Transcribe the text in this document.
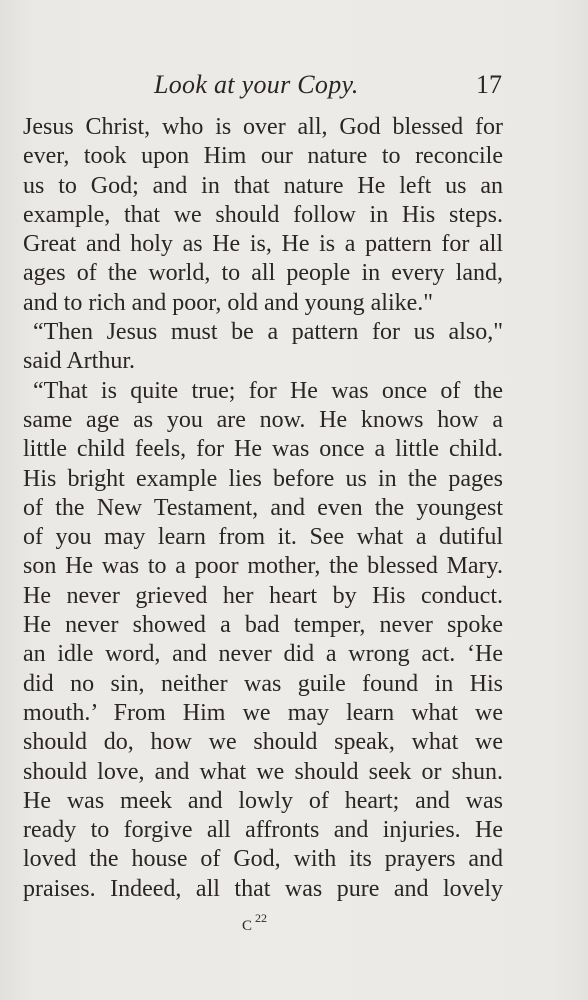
Look at your Copy.	17
Jesus Christ, who is over all, God blessed for
ever, took upon Him our nature to reconcile
us to God; and in that nature He left us an
example, that we should follow in His steps.
Great and holy as He is, He is a pattern for all
ages of the world, to all people in every land,
and to rich and poor, old and young alike."
“Then Jesus must be a pattern for us also,"
said Arthur.
“That is quite true; for He was once of the
same age as you are now. He knows how a
little child feels, for He was once a little child.
His bright example lies before us in the pages
of the New Testament, and even the youngest
of you may learn from it. See what a dutiful
son He was to a poor mother, the blessed Mary.
He never grieved her heart by His conduct.
He never showed a bad temper, never spoke
an idle word, and never did a wrong act. ‘He
did no sin, neither was guile found in His
mouth.’ From Him we may learn what we
should do, how we should speak, what we
should love, and what we should seek or shun.
He was meek and lowly of heart; and was
ready to forgive all affronts and injuries. He
loved the house of God, with its prayers and
praises. Indeed, all that was pure and lovely
c $^{22}$
